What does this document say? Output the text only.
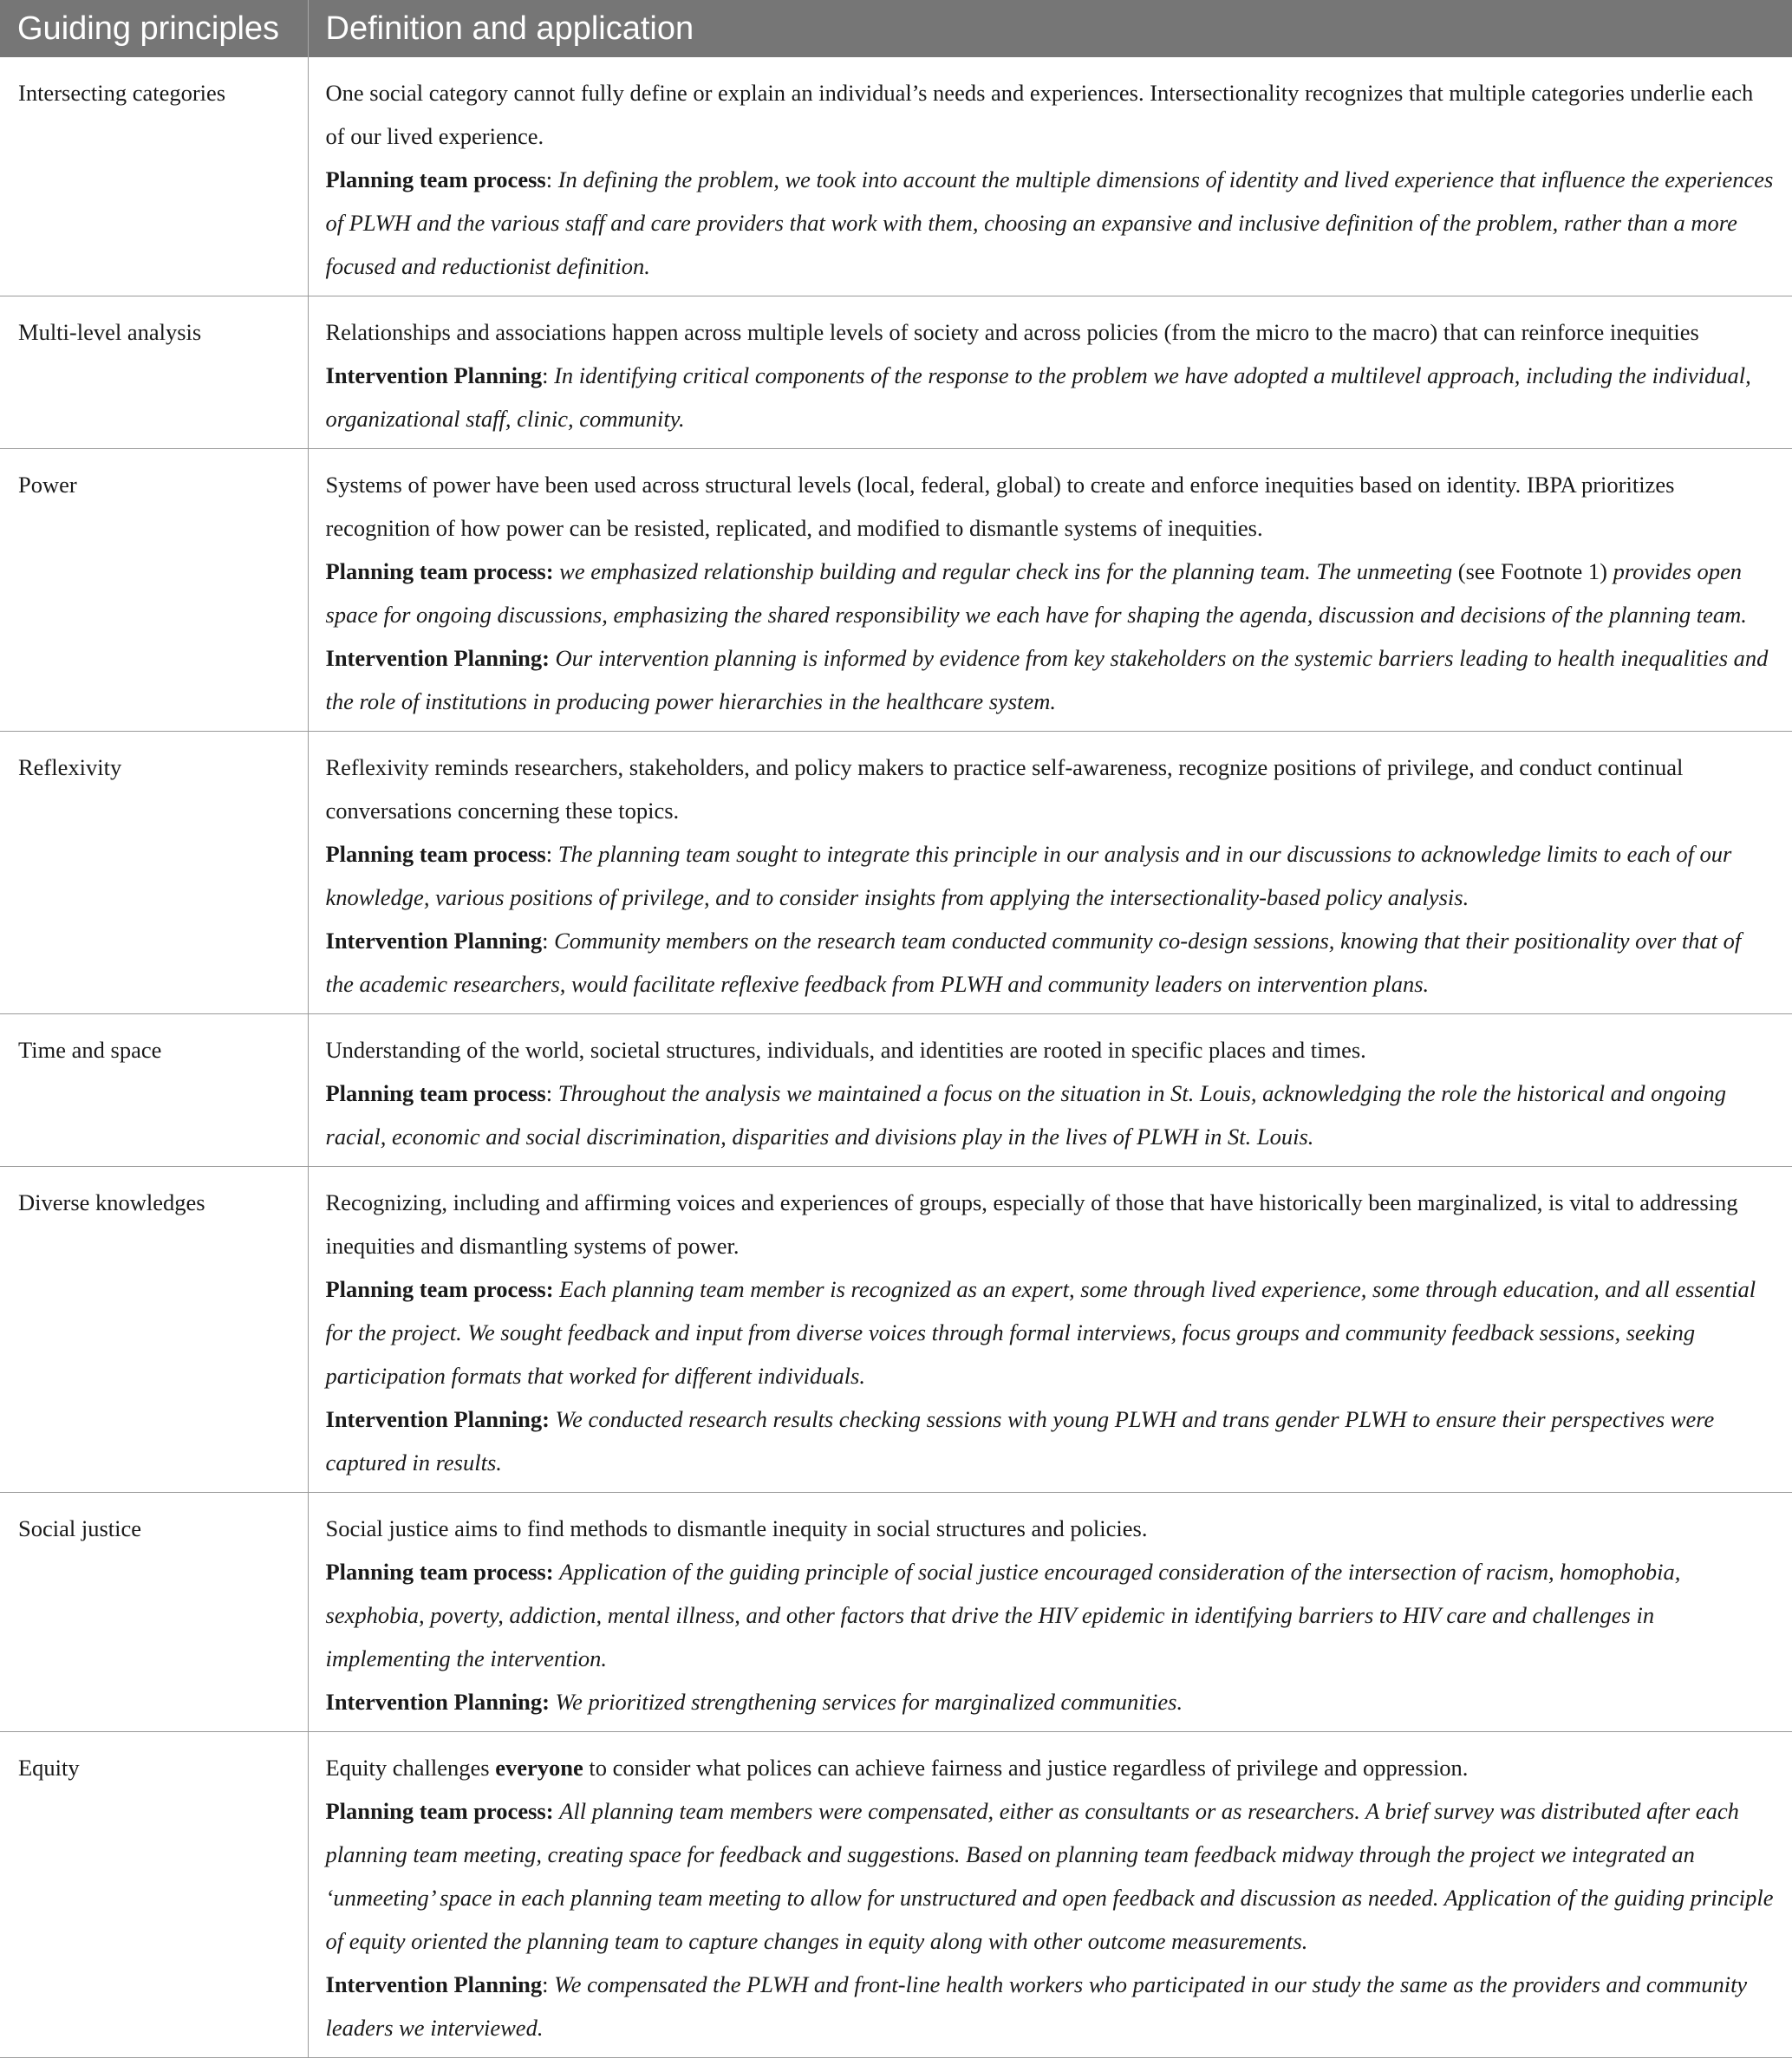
Guiding principles	Definition and application
Intersecting categories	One social category cannot fully define or explain an individual’s needs and experiences. Intersectionality recognizes that multiple categories underlie each of our lived experience.
Planning team process: In defining the problem, we took into account the multiple dimensions of identity and lived experience that influence the experiences of PLWH and the various staff and care providers that work with them, choosing an expansive and inclusive definition of the problem, rather than a more focused and reductionist definition.

Multi-level analysis	Relationships and associations happen across multiple levels of society and across policies (from the micro to the macro) that can reinforce inequities
Intervention Planning: In identifying critical components of the response to the problem we have adopted a multilevel approach, including the individual, organizational staff, clinic, community.

Power	Systems of power have been used across structural levels (local, federal, global) to create and enforce inequities based on identity. IBPA prioritizes recognition of how power can be resisted, replicated, and modified to dismantle systems of inequities.
Planning team process: we emphasized relationship building and regular check ins for the planning team. The unmeeting (see Footnote 1) provides open space for ongoing discussions, emphasizing the shared responsibility we each have for shaping the agenda, discussion and decisions of the planning team.
Intervention Planning: Our intervention planning is informed by evidence from key stakeholders on the systemic barriers leading to health inequalities and the role of institutions in producing power hierarchies in the healthcare system.

Reflexivity	Reflexivity reminds researchers, stakeholders, and policy makers to practice self-awareness, recognize positions of privilege, and conduct continual conversations concerning these topics.
Planning team process: The planning team sought to integrate this principle in our analysis and in our discussions to acknowledge limits to each of our knowledge, various positions of privilege, and to consider insights from applying the intersectionality-based policy analysis.
Intervention Planning: Community members on the research team conducted community co-design sessions, knowing that their positionality over that of the academic researchers, would facilitate reflexive feedback from PLWH and community leaders on intervention plans.

Time and space	Understanding of the world, societal structures, individuals, and identities are rooted in specific places and times.
Planning team process: Throughout the analysis we maintained a focus on the situation in St. Louis, acknowledging the role the historical and ongoing racial, economic and social discrimination, disparities and divisions play in the lives of PLWH in St. Louis.

Diverse knowledges	Recognizing, including and affirming voices and experiences of groups, especially of those that have historically been marginalized, is vital to addressing inequities and dismantling systems of power.
Planning team process: Each planning team member is recognized as an expert, some through lived experience, some through education, and all essential for the project. We sought feedback and input from diverse voices through formal interviews, focus groups and community feedback sessions, seeking participation formats that worked for different individuals.
Intervention Planning: We conducted research results checking sessions with young PLWH and trans gender PLWH to ensure their perspectives were captured in results.

Social justice	Social justice aims to find methods to dismantle inequity in social structures and policies.
Planning team process: Application of the guiding principle of social justice encouraged consideration of the intersection of racism, homophobia, sexphobia, poverty, addiction, mental illness, and other factors that drive the HIV epidemic in identifying barriers to HIV care and challenges in implementing the intervention.
Intervention Planning: We prioritized strengthening services for marginalized communities.

Equity	Equity challenges everyone to consider what polices can achieve fairness and justice regardless of privilege and oppression.
Planning team process: All planning team members were compensated, either as consultants or as researchers. A brief survey was distributed after each planning team meeting, creating space for feedback and suggestions. Based on planning team feedback midway through the project we integrated an ‘unmeeting’ space in each planning team meeting to allow for unstructured and open feedback and discussion as needed. Application of the guiding principle of equity oriented the planning team to capture changes in equity along with other outcome measurements.
Intervention Planning: We compensated the PLWH and front-line health workers who participated in our study the same as the providers and community leaders we interviewed.
